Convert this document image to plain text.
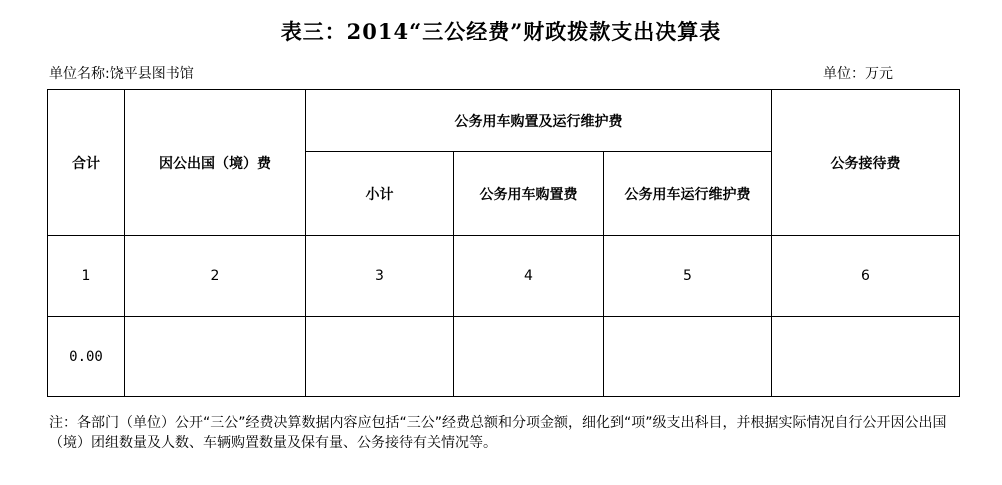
表三：2014“三公经费”财政拨款支出决算表
单位名称:饶平县图书馆	单位：万元
合计	因公出国（境）费	公务用车购置及运行维护费			公务接待费
		小计	公务用车购置费	公务用车运行维护费	
1	2	3	4	5	6
0.00					
注：各部门（单位）公开“三公”经费决算数据内容应包括“三公”经费总额和分项金额，细化到“项”级支出科目，并根据实际情况自行公开因公出国（境）团组数量及人数、车辆购置数量及保有量、公务接待有关情况等。
